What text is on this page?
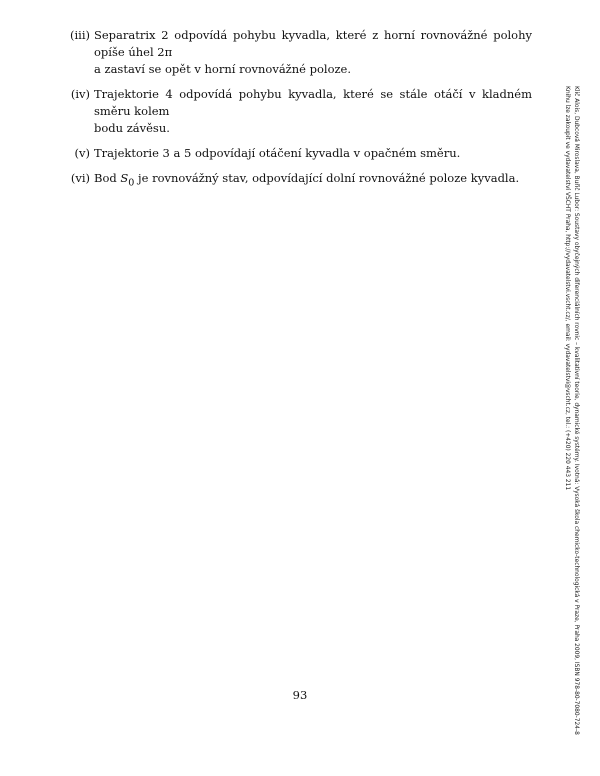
(iii) Separatrix 2 odpovídá pohybu kyvadla, které z horní rovnovážné polohy opíše úhel 2π
a zastaví se opět v horní rovnovážné poloze.
(iv) Trajektorie 4 odpovídá pohybu kyvadla, které se stále otáčí v kladném směru kolem
bodu závěsu.
(v) Trajektorie 3 a 5 odpovídají otáčení kyvadla v opačném směru.
(vi) Bod $S_0$ je rovnovážný stav, odpovídající dolní rovnovážné poloze kyvadla.	Klič Alois, Dubcová Miroslava, Buřič Lubor: Soustavy obyčejných diferenciálních rovnic – kvalitativní teorie, dynamické systémy. Ivotná: Vysoká škola chemicko-technologická v Praze, Praha 2009, ISBN 978-80-7080-724-8
Knihu lze zakoupit ve vydavatelství VŠCHT Praha, http://vydavatelstvi.vscht.cz/, email: vydavatelstvi@vscht.cz, tel.: (+420) 220 443 211
93
